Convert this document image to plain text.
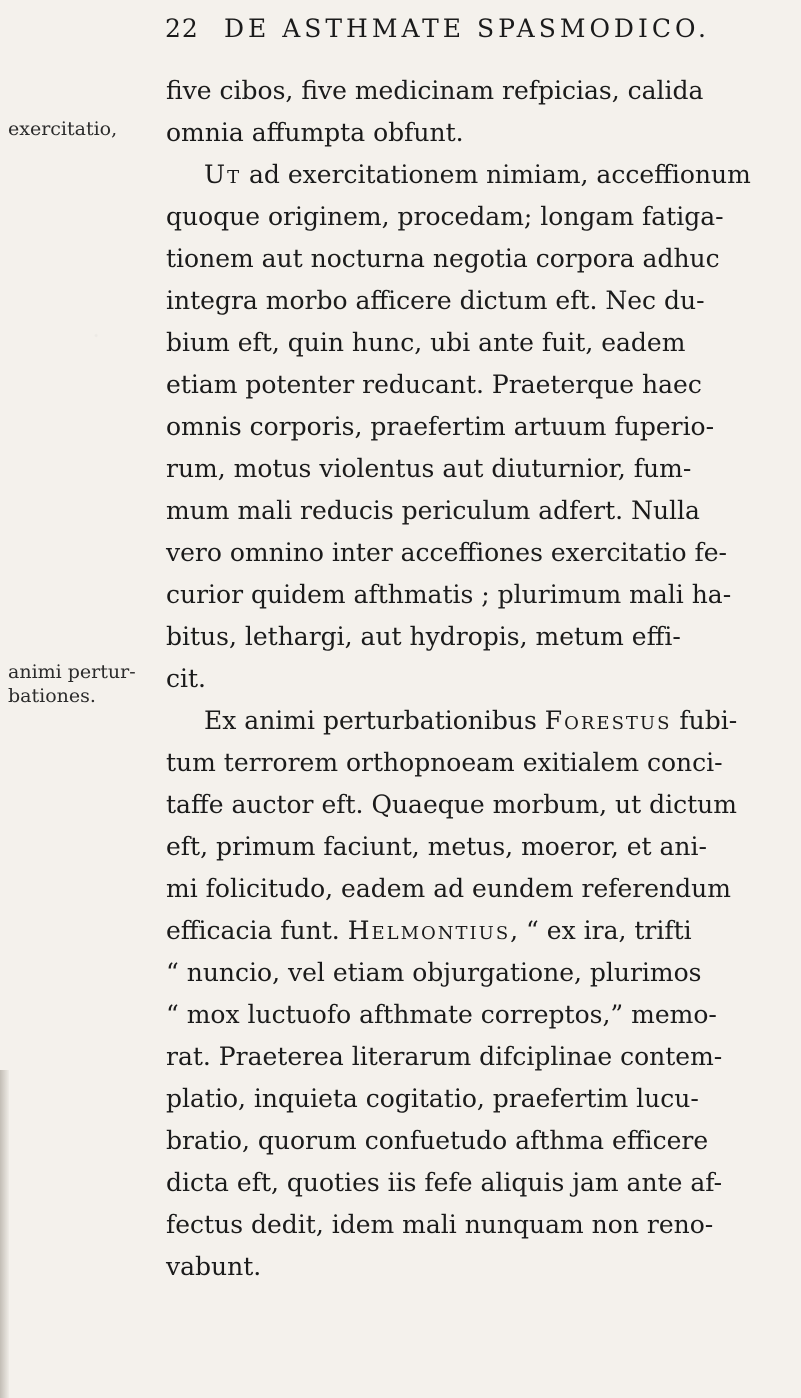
22 DE ASTHMATE SPASMODICO.
exercitatio,
animi pertur-
bationes.
five cibos, five medicinam refpicias, calida
omnia affumpta obfunt.
Ut ad exercitationem nimiam, acceffionum
quoque originem, procedam; longam fatiga-
tionem aut nocturna negotia corpora adhuc
integra morbo afficere dictum eft. Nec du-
bium eft, quin hunc, ubi ante fuit, eadem
etiam potenter reducant. Praeterque haec
omnis corporis, praefertim artuum fuperio-
rum, motus violentus aut diuturnior, fum-
mum mali reducis periculum adfert. Nulla
vero omnino inter acceffiones exercitatio fe-
curior quidem afthmatis ; plurimum mali ha-
bitus, lethargi, aut hydropis, metum effi-
cit.
Ex animi perturbationibus Forestus fubi-
tum terrorem orthopnoeam exitialem conci-
taffe auctor eft. Quaeque morbum, ut dictum
eft, primum faciunt, metus, moeror, et ani-
mi folicitudo, eadem ad eundem referendum
efficacia funt. Helmontius, “ ex ira, trifti
“ nuncio, vel etiam objurgatione, plurimos
“ mox luctuofo afthmate correptos,” memo-
rat. Praeterea literarum difciplinae contem-
platio, inquieta cogitatio, praefertim lucu-
bratio, quorum confuetudo afthma efficere
dicta eft, quoties iis fefe aliquis jam ante af-
fectus dedit, idem mali nunquam non reno-
vabunt.
